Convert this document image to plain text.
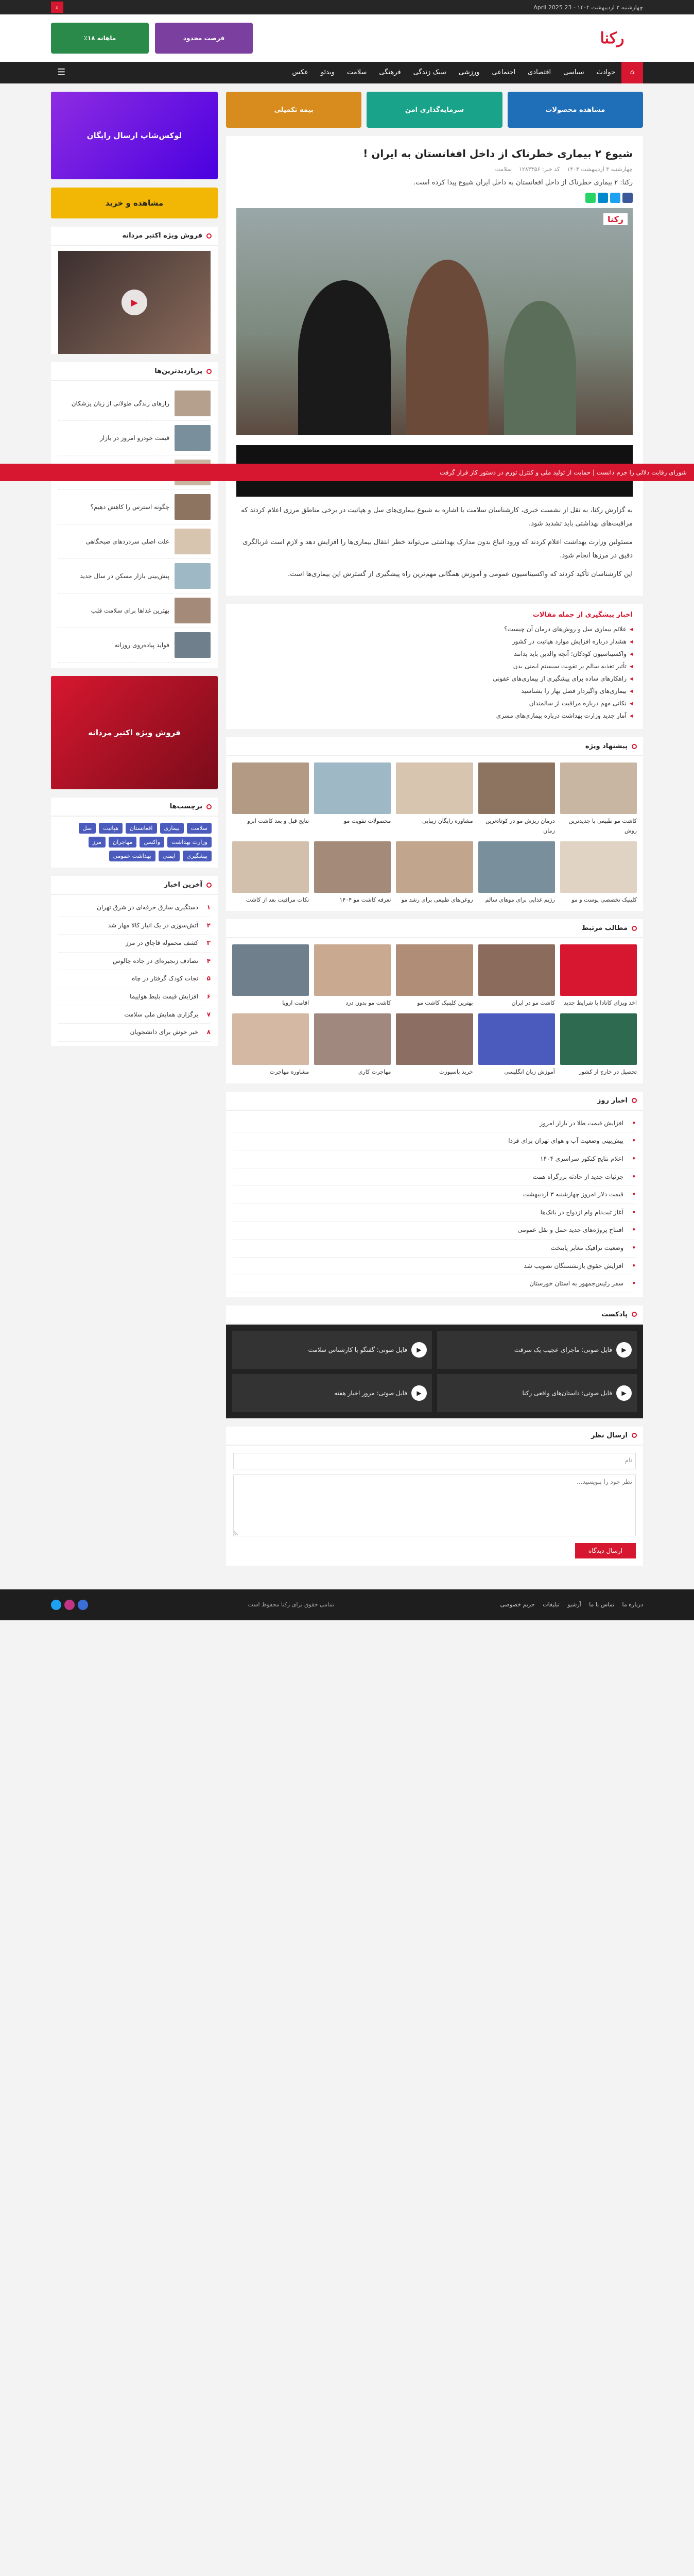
چهارشنبه ۳ اردیبهشت ۱۴۰۴ - 23 April 2025
⌕
رکنا
فرصت محدود
ماهانه ۱۸٪
⌂
حوادث
سیاسی
اقتصادی
اجتماعی
ورزشی
سبک زندگی
فرهنگی
سلامت
ویدئو
عکس
☰
شورای رقابت دلالی را جرم دانست | حمایت از تولید ملی و کنترل تورم در دستور کار قرار گرفت
مشاهده محصولات
سرمایه‌گذاری امن
بیمه تکمیلی
شیوع ۲ بیماری خطرناک از داخل افغانستان به ایران !
چهارشنبه ۳ اردیبهشت ۱۴۰۴
کد خبر: ۱۲۸۳۴۵۶
سلامت

رکنا: ۲ بیماری خطرناک از داخل افغانستان به داخل ایران شیوع پیدا کرده است.

رکنا

به گزارش رکنا، به نقل از نشست خبری، کارشناسان سلامت با اشاره به شیوع بیماری‌های سل و هپاتیت در برخی مناطق مرزی اعلام کردند که مراقبت‌های بهداشتی باید تشدید شود.

مسئولین وزارت بهداشت اعلام کردند که ورود اتباع بدون مدارک بهداشتی می‌تواند خطر انتقال بیماری‌ها را افزایش دهد و لازم است غربالگری دقیق در مرزها انجام شود.

این کارشناسان تأکید کردند که واکسیناسیون عمومی و آموزش همگانی مهم‌ترین راه پیشگیری از گسترش این بیماری‌ها است.

اخبار پیشگیری از جمله مقالات
◂ علائم بیماری سل و روش‌های درمان آن چیست؟
◂ هشدار درباره افزایش موارد هپاتیت در کشور
◂ واکسیناسیون کودکان؛ آنچه والدین باید بدانند
◂ تأثیر تغذیه سالم بر تقویت سیستم ایمنی بدن
◂ راهکارهای ساده برای پیشگیری از بیماری‌های عفونی
◂ بیماری‌های واگیردار فصل بهار را بشناسید
◂ نکاتی مهم درباره مراقبت از سالمندان
◂ آمار جدید وزارت بهداشت درباره بیماری‌های مسری
پیشنهاد ویژه
کاشت مو طبیعی با جدیدترین روش
درمان ریزش مو در کوتاه‌ترین زمان
مشاوره رایگان زیبایی
محصولات تقویت مو
نتایج قبل و بعد کاشت ابرو
کلینیک تخصصی پوست و مو
رژیم غذایی برای موهای سالم
روغن‌های طبیعی برای رشد مو
تعرفه کاشت مو ۱۴۰۴
نکات مراقبت بعد از کاشت
مطالب مرتبط
اخذ ویزای کانادا با شرایط جدید
کاشت مو در ایران
بهترین کلینیک کاشت مو
کاشت مو بدون درد
اقامت اروپا
تحصیل در خارج از کشور
آموزش زبان انگلیسی
خرید پاسپورت
مهاجرت کاری
مشاوره مهاجرت
اخبار روز
•
افزایش قیمت طلا در بازار امروز
•
پیش‌بینی وضعیت آب و هوای تهران برای فردا
•
اعلام نتایج کنکور سراسری ۱۴۰۴
•
جزئیات جدید از حادثه بزرگراه همت
•
قیمت دلار امروز چهارشنبه ۳ اردیبهشت
•
آغاز ثبت‌نام وام ازدواج در بانک‌ها
•
افتتاح پروژه‌های جدید حمل و نقل عمومی
•
وضعیت ترافیک معابر پایتخت
•
افزایش حقوق بازنشستگان تصویب شد
•
سفر رئیس‌جمهور به استان خوزستان
پادکست
▶
فایل صوتی: ماجرای عجیب یک سرقت
▶
فایل صوتی: گفتگو با کارشناس سلامت
▶
فایل صوتی: داستان‌های واقعی رکنا
▶
فایل صوتی: مرور اخبار هفته
ارسال نظر
نام
نظر خود را بنویسید... ارسال دیدگاه
لوکس‌شاپ ارسال رایگان
مشاهده و خرید
فروش ویژه اکتبر مردانه
▶
پربازدیدترین‌ها
رازهای زندگی طولانی از زبان پزشکان
قیمت خودرو امروز در بازار
چگونه استرس را کاهش دهیم؟
علت اصلی سردردهای صبحگاهی
پیش‌بینی بازار مسکن در سال جدید
بهترین غذاها برای سلامت قلب
فواید پیاده‌روی روزانه
فروش ویژه اکتبر مردانه
برچسب‌ها
سلامت
بیماری
افغانستان
هپاتیت
سل
وزارت بهداشت
واکسن
مهاجران
مرز
پیشگیری
ایمنی
بهداشت عمومی
آخرین اخبار
۱
دستگیری سارق حرفه‌ای در شرق تهران
۲
آتش‌سوزی در یک انبار کالا مهار شد
۳
کشف محموله قاچاق در مرز
۴
تصادف زنجیره‌ای در جاده چالوس
۵
نجات کودک گرفتار در چاه
۶
افزایش قیمت بلیط هواپیما
۷
برگزاری همایش ملی سلامت
۸
خبر خوش برای دانشجویان
درباره ما تماس با ما آرشیو تبلیغات حریم خصوصی
تمامی حقوق برای رکنا محفوظ است
